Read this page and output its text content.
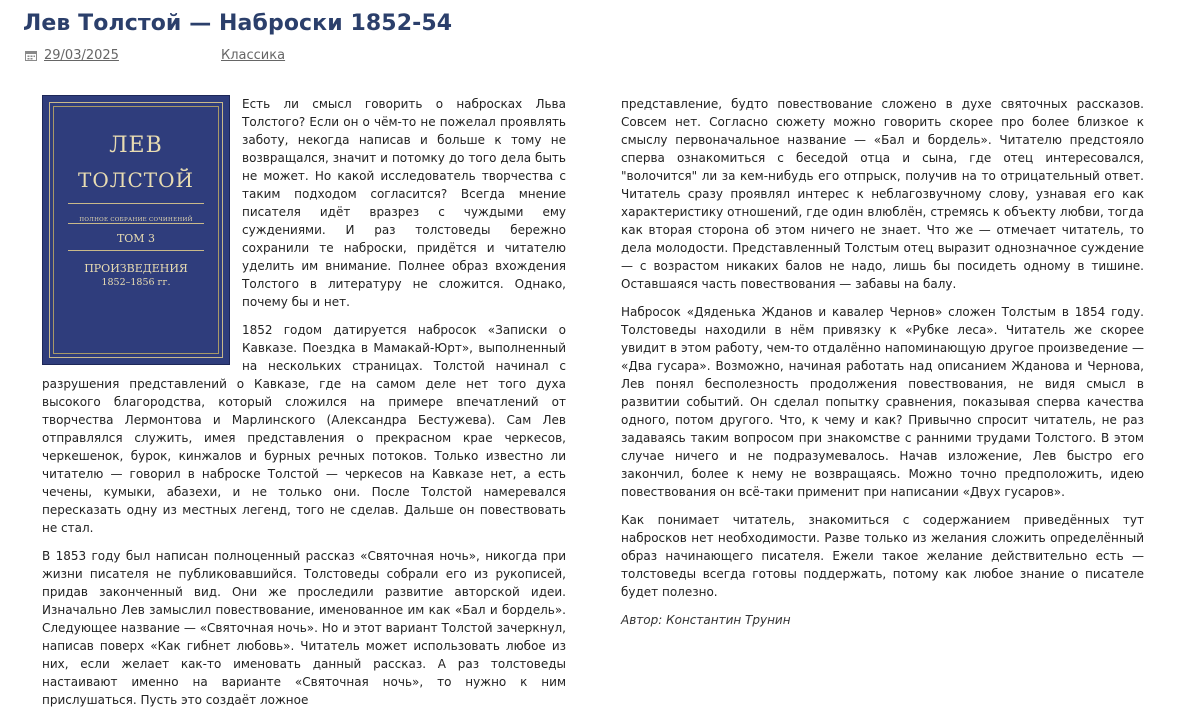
Лев Толстой — Наброски 1852-54
29/03/2025	Классика
ЛЕВ
ТОЛСТОЙ
ПОЛНОЕ СОБРАНИЕ СОЧИНЕНИЙ
ТОМ 3
ПРОИЗВЕДЕНИЯ
1852–1856 гг.

Есть ли смысл говорить о набросках Льва Толстого? Если он о чём-то не пожелал проявлять заботу, некогда написав и больше к тому не возвращался, значит и потомку до того дела быть не может. Но какой исследователь творчества с таким подходом согласится? Всегда мнение писателя идёт вразрез с чуждыми ему суждениями. И раз толстоведы бережно сохранили те наброски, придётся и читателю уделить им внимание. Полнее образ вхождения Толстого в литературу не сложится. Однако, почему бы и нет.

1852 годом датируется набросок «Записки о Кавказе. Поездка в Мамакай-Юрт», выполненный на нескольких страницах. Толстой начинал с разрушения представлений о Кавказе, где на самом деле нет того духа высокого благородства, который сложился на примере впечатлений от творчества Лермонтова и Марлинского (Александра Бестужева). Сам Лев отправлялся служить, имея представления о прекрасном крае черкесов, черкешенок, бурок, кинжалов и бурных речных потоков. Только известно ли читателю — говорил в наброске Толстой — черкесов на Кавказе нет, а есть чечены, кумыки, абазехи, и не только они. После Толстой намеревался пересказать одну из местных легенд, того не сделав. Дальше он повествовать не стал.

В 1853 году был написан полноценный рассказ «Святочная ночь», никогда при жизни писателя не публиковавшийся. Толстоведы собрали его из рукописей, придав законченный вид. Они же проследили развитие авторской идеи. Изначально Лев замыслил повествование, именованное им как «Бал и бордель». Следующее название — «Святочная ночь». Но и этот вариант Толстой зачеркнул, написав поверх «Как гибнет любовь». Читатель может использовать любое из них, если желает как-то именовать данный рассказ. А раз толстоведы настаивают именно на варианте «Святочная ночь», то нужно к ним прислушаться. Пусть это создаёт ложное

представление, будто повествование сложено в духе святочных рассказов. Совсем нет. Согласно сюжету можно говорить скорее про более близкое к смыслу первоначальное название — «Бал и бордель». Читателю предстояло сперва ознакомиться с беседой отца и сына, где отец интересовался, "волочится" ли за кем-нибудь его отпрыск, получив на то отрицательный ответ. Читатель сразу проявлял интерес к неблагозвучному слову, узнавая его как характеристику отношений, где один влюблён, стремясь к объекту любви, тогда как вторая сторона об этом ничего не знает. Что же — отмечает читатель, то дела молодости. Представленный Толстым отец выразит однозначное суждение — с возрастом никаких балов не надо, лишь бы посидеть одному в тишине. Оставшаяся часть повествования — забавы на балу.

Набросок «Дяденька Жданов и кавалер Чернов» сложен Толстым в 1854 году. Толстоведы находили в нём привязку к «Рубке леса». Читатель же скорее увидит в этом работу, чем-то отдалённо напоминающую другое произведение — «Два гусара». Возможно, начиная работать над описанием Жданова и Чернова, Лев понял бесполезность продолжения повествования, не видя смысл в развитии событий. Он сделал попытку сравнения, показывая сперва качества одного, потом другого. Что, к чему и как? Привычно спросит читатель, не раз задаваясь таким вопросом при знакомстве с ранними трудами Толстого. В этом случае ничего и не подразумевалось. Начав изложение, Лев быстро его закончил, более к нему не возвращаясь. Можно точно предположить, идею повествования он всё-таки применит при написании «Двух гусаров».

Как понимает читатель, знакомиться с содержанием приведённых тут набросков нет необходимости. Разве только из желания сложить определённый образ начинающего писателя. Ежели такое желание действительно есть — толстоведы всегда готовы поддержать, потому как любое знание о писателе будет полезно.

Автор: Константин Трунин
